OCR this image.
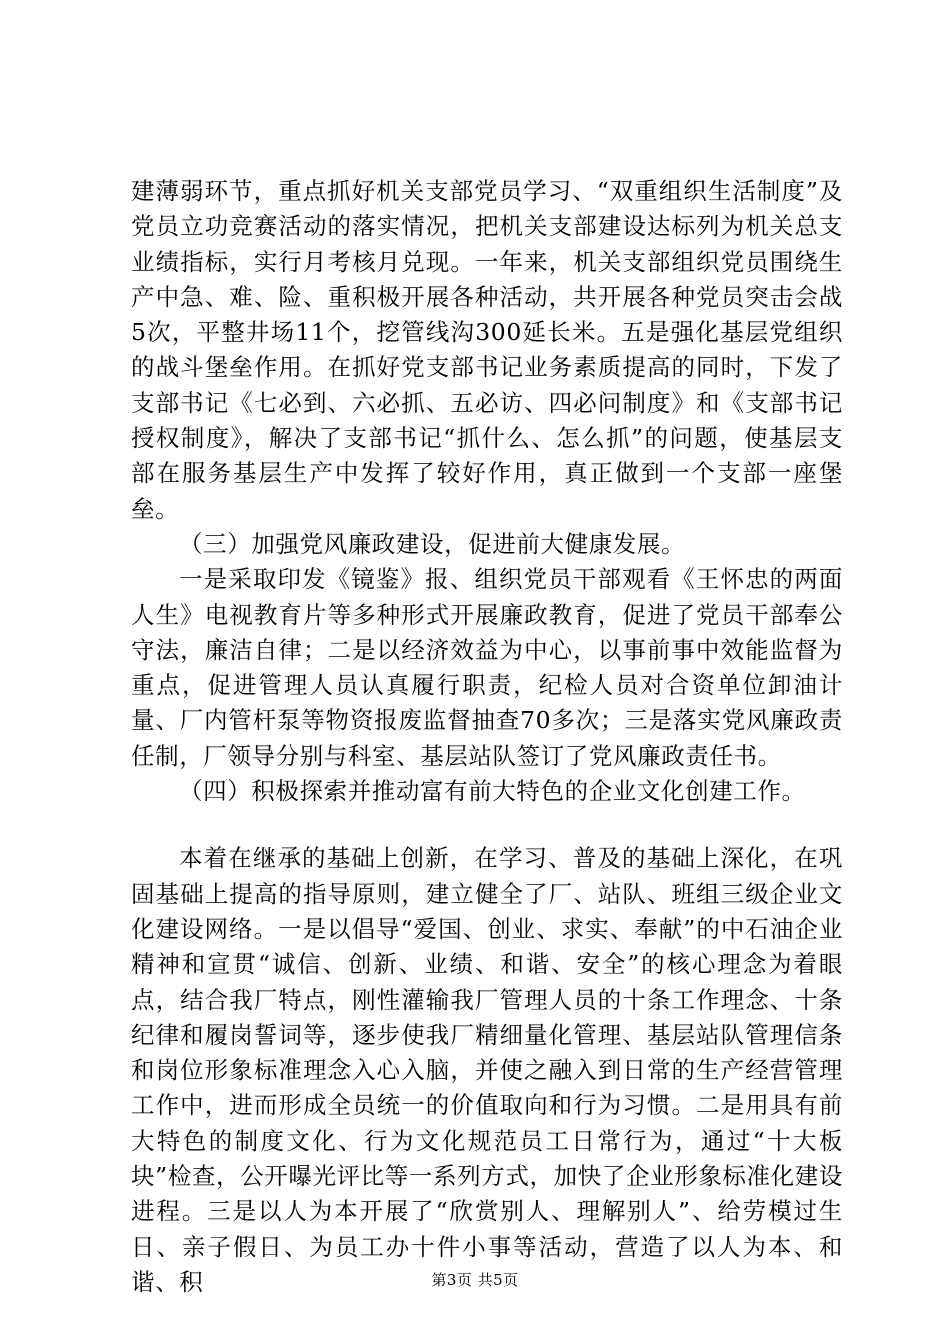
建薄弱环节，重点抓好机关支部党员学习、“双重组织生活制度”及党员立功竞赛活动的落实情况，把机关支部建设达标列为机关总支业绩指标，实行月考核月兑现。一年来，机关支部组织党员围绕生产中急、难、险、重积极开展各种活动，共开展各种党员突击会战5次，平整井场11个，挖管线沟300延长米。五是强化基层党组织的战斗堡垒作用。在抓好党支部书记业务素质提高的同时，下发了支部书记《七必到、六必抓、五必访、四必问制度》和《支部书记授权制度》，解决了支部书记“抓什么、怎么抓”的问题，使基层支部在服务基层生产中发挥了较好作用，真正做到一个支部一座堡垒。

（三）加强党风廉政建设，促进前大健康发展。

一是采取印发《镜鉴》报、组织党员干部观看《王怀忠的两面人生》电视教育片等多种形式开展廉政教育，促进了党员干部奉公守法，廉洁自律；二是以经济效益为中心，以事前事中效能监督为重点，促进管理人员认真履行职责，纪检人员对合资单位卸油计量、厂内管杆泵等物资报废监督抽查70多次；三是落实党风廉政责任制，厂领导分别与科室、基层站队签订了党风廉政责任书。

（四）积极探索并推动富有前大特色的企业文化创建工作。

本着在继承的基础上创新，在学习、普及的基础上深化，在巩固基础上提高的指导原则，建立健全了厂、站队、班组三级企业文化建设网络。一是以倡导“爱国、创业、求实、奉献”的中石油企业精神和宣贯“诚信、创新、业绩、和谐、安全”的核心理念为着眼点，结合我厂特点，刚性灌输我厂管理人员的十条工作理念、十条纪律和履岗誓词等，逐步使我厂精细量化管理、基层站队管理信条和岗位形象标准理念入心入脑，并使之融入到日常的生产经营管理工作中，进而形成全员统一的价值取向和行为习惯。二是用具有前大特色的制度文化、行为文化规范员工日常行为，通过“十大板块”检查，公开曝光评比等一系列方式，加快了企业形象标准化建设进程。三是以人为本开展了“欣赏别人、理解别人”、给劳模过生日、亲子假日、为员工办十件小事等活动，营造了以人为本、和谐、积	第3页 共5页
